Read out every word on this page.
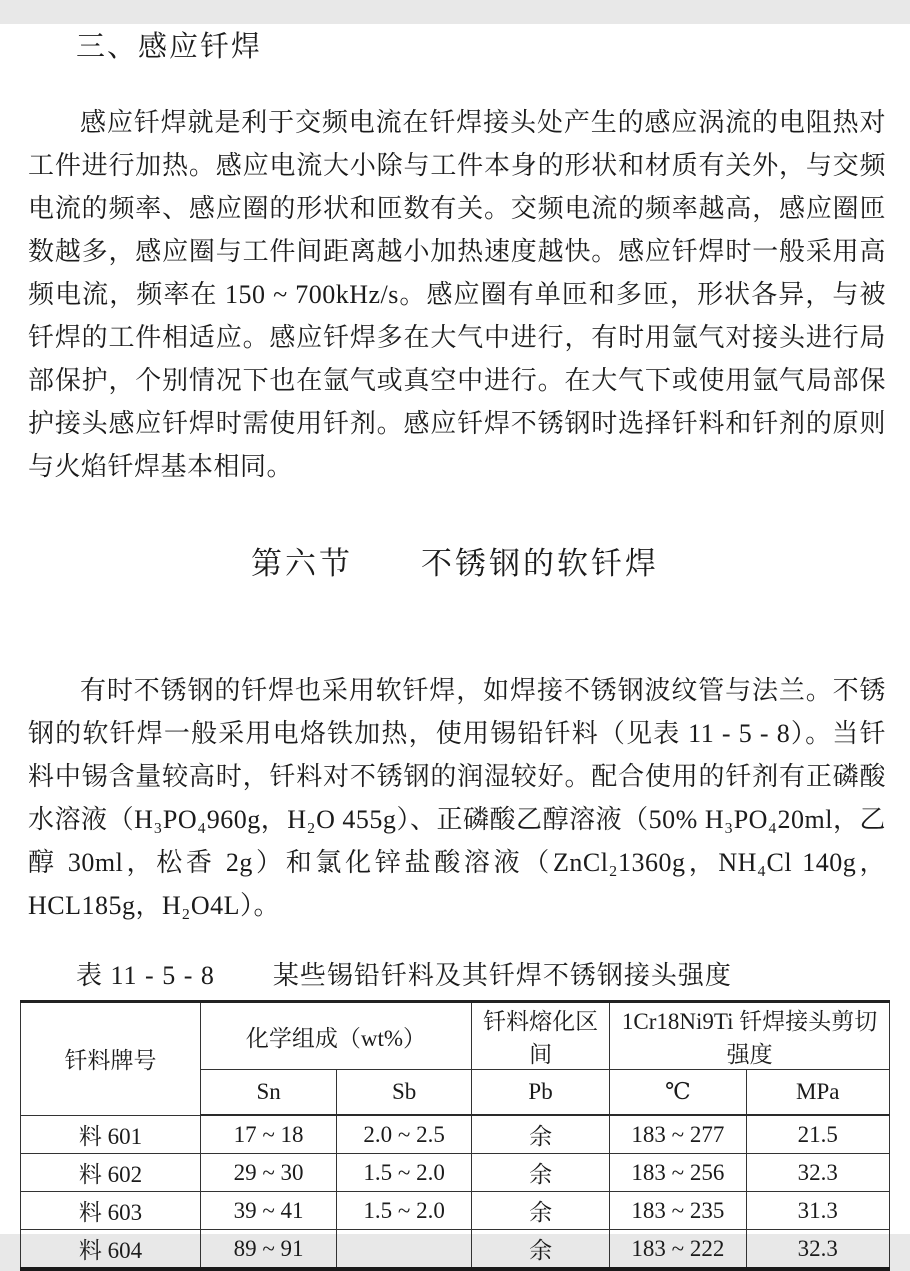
三、感应钎焊

感应钎焊就是利于交频电流在钎焊接头处产生的感应涡流的电阻热对工件进行加热。感应电流大小除与工件本身的形状和材质有关外，与交频电流的频率、感应圈的形状和匝数有关。交频电流的频率越高，感应圈匝数越多，感应圈与工件间距离越小加热速度越快。感应钎焊时一般采用高频电流，频率在 150 ~ 700kHz/s。感应圈有单匝和多匝，形状各异，与被钎焊的工件相适应。感应钎焊多在大气中进行，有时用氩气对接头进行局部保护，个别情况下也在氩气或真空中进行。在大气下或使用氩气局部保护接头感应钎焊时需使用钎剂。感应钎焊不锈钢时选择钎料和钎剂的原则与火焰钎焊基本相同。

第六节　　不锈钢的软钎焊

有时不锈钢的钎焊也采用软钎焊，如焊接不锈钢波纹管与法兰。不锈钢的软钎焊一般采用电烙铁加热，使用锡铅钎料（见表 11 - 5 - 8）。当钎料中锡含量较高时，钎料对不锈钢的润湿较好。配合使用的钎剂有正磷酸水溶液（H₃PO₄960g，H₂O 455g）、正磷酸乙醇溶液（50% H₃PO₄20ml，乙醇 30ml，松香 2g）和氯化锌盐酸溶液（ZnCl₂1360g，NH₄Cl 140g，HCL185g，H₂O4L）。

表 11 - 5 - 8 某些锡铅钎料及其钎焊不锈钢接头强度
钎料牌号	化学组成（wt%）		钎料熔化区间	1Cr18Ni9Ti 钎焊接头剪切强度	
	Sn	Sb	Pb	℃	MPa
料 601	17 ~ 18	2.0 ~ 2.5	余	183 ~ 277	21.5
料 602	29 ~ 30	1.5 ~ 2.0	余	183 ~ 256	32.3
料 603	39 ~ 41	1.5 ~ 2.0	余	183 ~ 235	31.3
料 604	89 ~ 91		余	183 ~ 222	32.3
